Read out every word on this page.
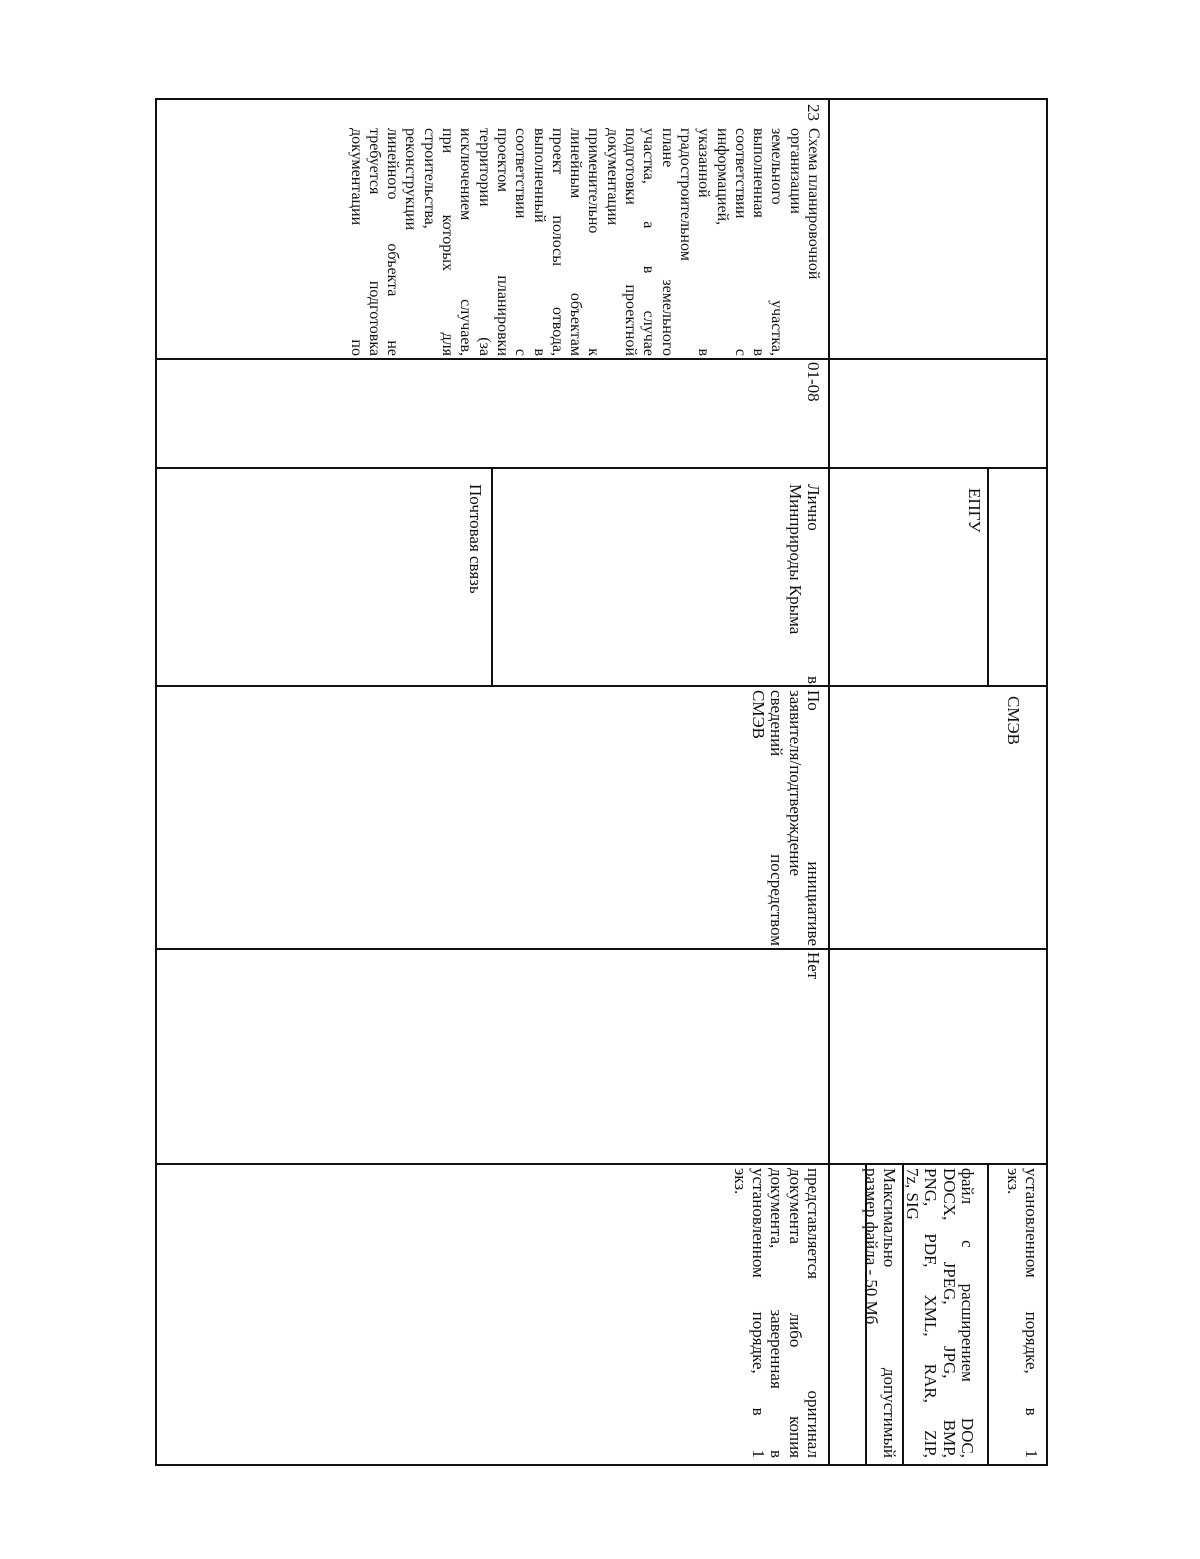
СМЭВ
ЕПГУ
установленном порядке, в 1
экз.
файл с расширением DOC,
DOCX, JPEG, JPG, BMP,
PNG, PDF, XML, RAR, ZIP,
7z, SIG
Максимально допустимый
размер файла - 50 Мб
23
Схема планировочной
организации
земельного участка,
выполненная в
соответствии с
информацией,
указанной в
градостроительном
плане земельного
участка, а в случае
подготовки проектной
документации
применительно к
линейным объектам
проект полосы отвода,
выполненный в
соответствии с
проектом планировки
территории (за
исключением случаев,
при которых для
строительства,
реконструкции
линейного объекта не
требуется подготовка
документации по
01-08
Лично в
Минприроды Крыма
Почтовая связь
По инициативе
заявителя/подтверждение
сведений посредством
СМЭВ
Нет
представляется оригинал
документа либо копия
документа, заверенная в
установленном порядке, в 1
экз.
